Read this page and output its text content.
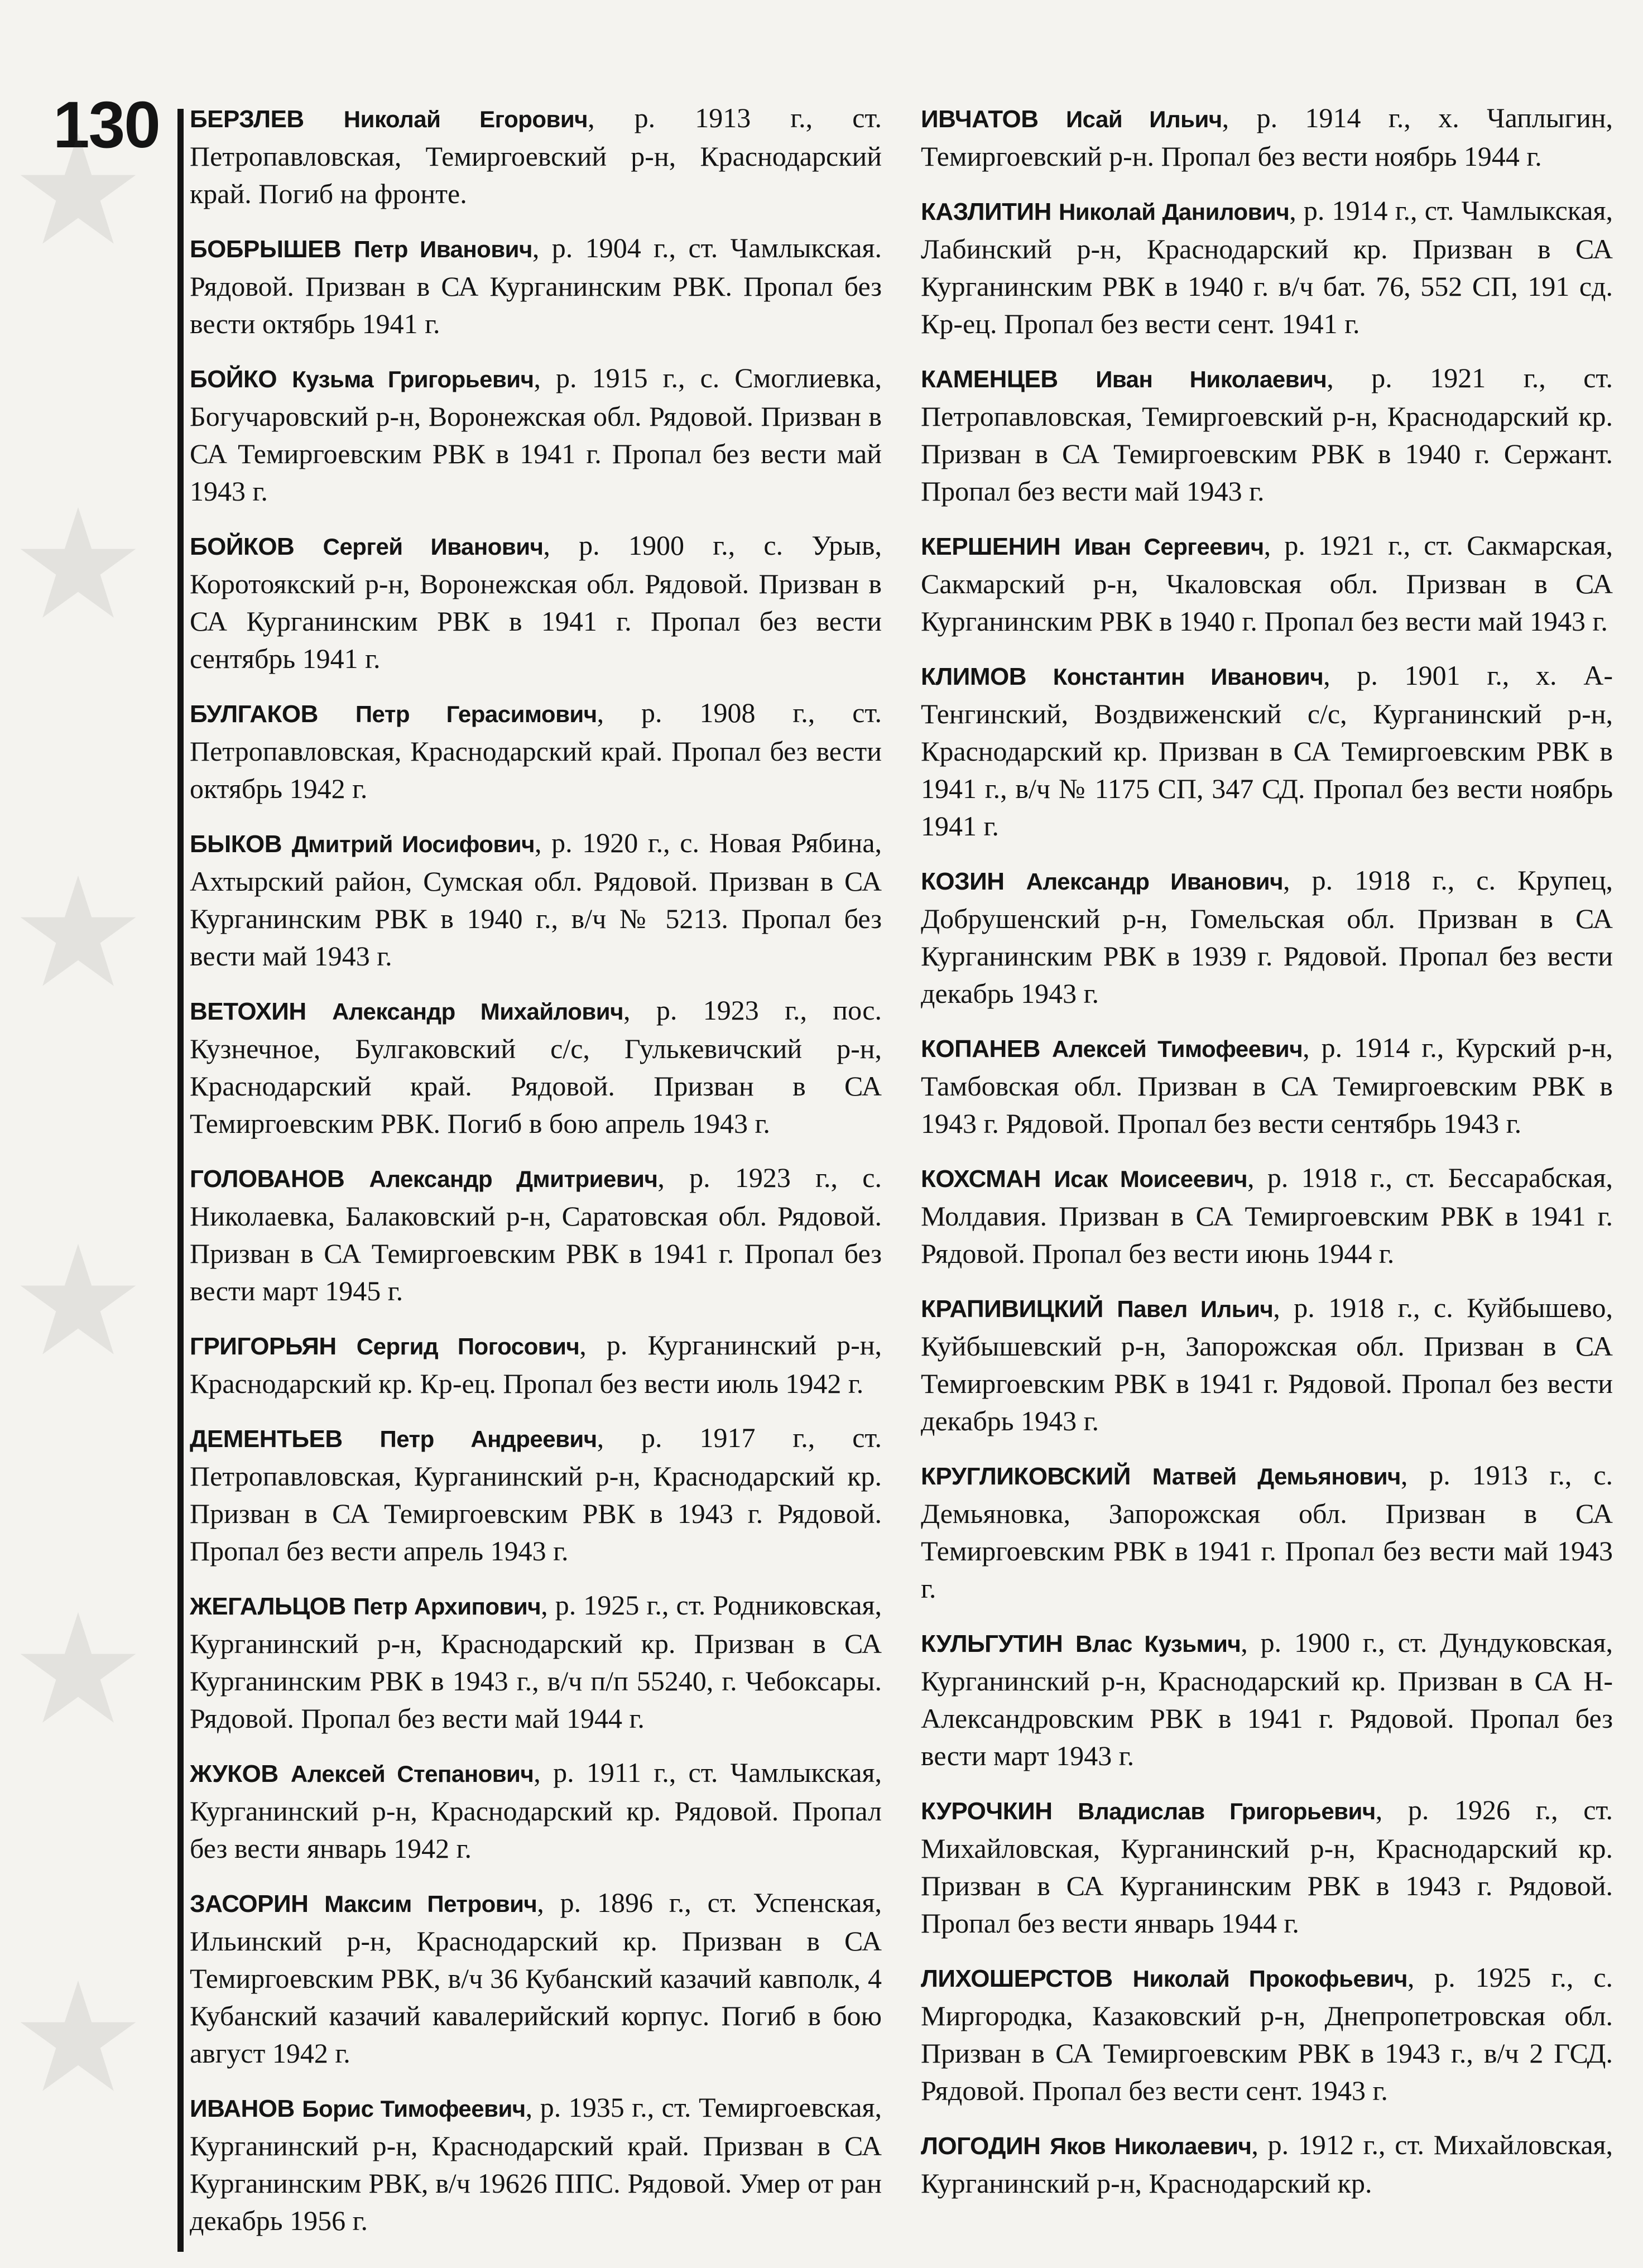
130 БЕРЗЛЕВ Николай Егорович, р. 1913 г., ст. Петропавловская, Темиргоевский р-н, Краснодарский край. Погиб на фронте.

БОБРЫШЕВ Петр Иванович, р. 1904 г., ст. Чамлыкская. Рядовой. Призван в СА Курганинским РВК. Пропал без вести октябрь 1941 г.

БОЙКО Кузьма Григорьевич, р. 1915 г., с. Смоглиевка, Богучаровский р-н, Воронежская обл. Рядовой. Призван в СА Темиргоевским РВК в 1941 г. Пропал без вести май 1943 г.

БОЙКОВ Сергей Иванович, р. 1900 г., с. Урыв, Коротоякский р-н, Воронежская обл. Рядовой. Призван в СА Курганинским РВК в 1941 г. Пропал без вести сентябрь 1941 г.

БУЛГАКОВ Петр Герасимович, р. 1908 г., ст. Петропавловская, Краснодарский край. Пропал без вести октябрь 1942 г.

БЫКОВ Дмитрий Иосифович, р. 1920 г., с. Новая Рябина, Ахтырский район, Сумская обл. Рядовой. Призван в СА Курганинским РВК в 1940 г., в/ч № 5213. Пропал без вести май 1943 г.

ВЕТОХИН Александр Михайлович, р. 1923 г., пос. Кузнечное, Булгаковский с/с, Гулькевичский р-н, Краснодарский край. Рядовой. Призван в СА Темиргоевским РВК. Погиб в бою апрель 1943 г.

ГОЛОВАНОВ Александр Дмитриевич, р. 1923 г., с. Николаевка, Балаковский р-н, Саратовская обл. Рядовой. Призван в СА Темиргоевским РВК в 1941 г. Пропал без вести март 1945 г.

ГРИГОРЬЯН Сергид Погосович, р. Курганинский р-н, Краснодарский кр. Кр-ец. Пропал без вести июль 1942 г.

ДЕМЕНТЬЕВ Петр Андреевич, р. 1917 г., ст. Петропавловская, Курганинский р-н, Краснодарский кр. Призван в СА Темиргоевским РВК в 1943 г. Рядовой. Пропал без вести апрель 1943 г.

ЖЕГАЛЬЦОВ Петр Архипович, р. 1925 г., ст. Родниковская, Курганинский р-н, Краснодарский кр. Призван в СА Курганинским РВК в 1943 г., в/ч п/п 55240, г. Чебоксары. Рядовой. Пропал без вести май 1944 г.

ЖУКОВ Алексей Степанович, р. 1911 г., ст. Чамлыкская, Курганинский р-н, Краснодарский кр. Рядовой. Пропал без вести январь 1942 г.

ЗАСОРИН Максим Петрович, р. 1896 г., ст. Успенская, Ильинский р-н, Краснодарский кр. Призван в СА Темиргоевским РВК, в/ч 36 Кубанский казачий кавполк, 4 Кубанский казачий кавалерийский корпус. Погиб в бою август 1942 г.

ИВАНОВ Борис Тимофеевич, р. 1935 г., ст. Темиргоевская, Курганинский р-н, Краснодарский край. Призван в СА Курганинским РВК, в/ч 19626 ППС. Рядовой. Умер от ран декабрь 1956 г.

ИВЧАТОВ Исай Ильич, р. 1914 г., х. Чаплыгин, Темиргоевский р-н. Пропал без вести ноябрь 1944 г.

КАЗЛИТИН Николай Данилович, р. 1914 г., ст. Чамлыкская, Лабинский р-н, Краснодарский кр. Призван в СА Курганинским РВК в 1940 г. в/ч бат. 76, 552 СП, 191 сд. Кр-ец. Пропал без вести сент. 1941 г.

КАМЕНЦЕВ Иван Николаевич, р. 1921 г., ст. Петропавловская, Темиргоевский р-н, Краснодарский кр. Призван в СА Темиргоевским РВК в 1940 г. Сержант. Пропал без вести май 1943 г.

КЕРШЕНИН Иван Сергеевич, р. 1921 г., ст. Сакмарская, Сакмарский р-н, Чкаловская обл. Призван в СА Курганинским РВК в 1940 г. Пропал без вести май 1943 г.

КЛИМОВ Константин Иванович, р. 1901 г., х. А-Тенгинский, Воздвиженский с/с, Курганинский р-н, Краснодарский кр. Призван в СА Темиргоевским РВК в 1941 г., в/ч № 1175 СП, 347 СД. Пропал без вести ноябрь 1941 г.

КОЗИН Александр Иванович, р. 1918 г., с. Крупец, Добрушенский р-н, Гомельская обл. Призван в СА Курганинским РВК в 1939 г. Рядовой. Пропал без вести декабрь 1943 г.

КОПАНЕВ Алексей Тимофеевич, р. 1914 г., Курский р-н, Тамбовская обл. Призван в СА Темиргоевским РВК в 1943 г. Рядовой. Пропал без вести сентябрь 1943 г.

КОХСМАН Исак Моисеевич, р. 1918 г., ст. Бессарабская, Молдавия. Призван в СА Темиргоевским РВК в 1941 г. Рядовой. Пропал без вести июнь 1944 г.

КРАПИВИЦКИЙ Павел Ильич, р. 1918 г., с. Куйбышево, Куйбышевский р-н, Запорожская обл. Призван в СА Темиргоевским РВК в 1941 г. Рядовой. Пропал без вести декабрь 1943 г.

КРУГЛИКОВСКИЙ Матвей Демьянович, р. 1913 г., с. Демьяновка, Запорожская обл. Призван в СА Темиргоевским РВК в 1941 г. Пропал без вести май 1943 г.

КУЛЬГУТИН Влас Кузьмич, р. 1900 г., ст. Дундуковская, Курганинский р-н, Краснодарский кр. Призван в СА Н-Александровским РВК в 1941 г. Рядовой. Пропал без вести март 1943 г.

КУРОЧКИН Владислав Григорьевич, р. 1926 г., ст. Михайловская, Курганинский р-н, Краснодарский кр. Призван в СА Курганинским РВК в 1943 г. Рядовой. Пропал без вести январь 1944 г.

ЛИХОШЕРСТОВ Николай Прокофьевич, р. 1925 г., с. Миргородка, Казаковский р-н, Днепропетровская обл. Призван в СА Темиргоевским РВК в 1943 г., в/ч 2 ГСД. Рядовой. Пропал без вести сент. 1943 г.

ЛОГОДИН Яков Николаевич, р. 1912 г., ст. Михайловская, Курганинский р-н, Краснодарский кр.
